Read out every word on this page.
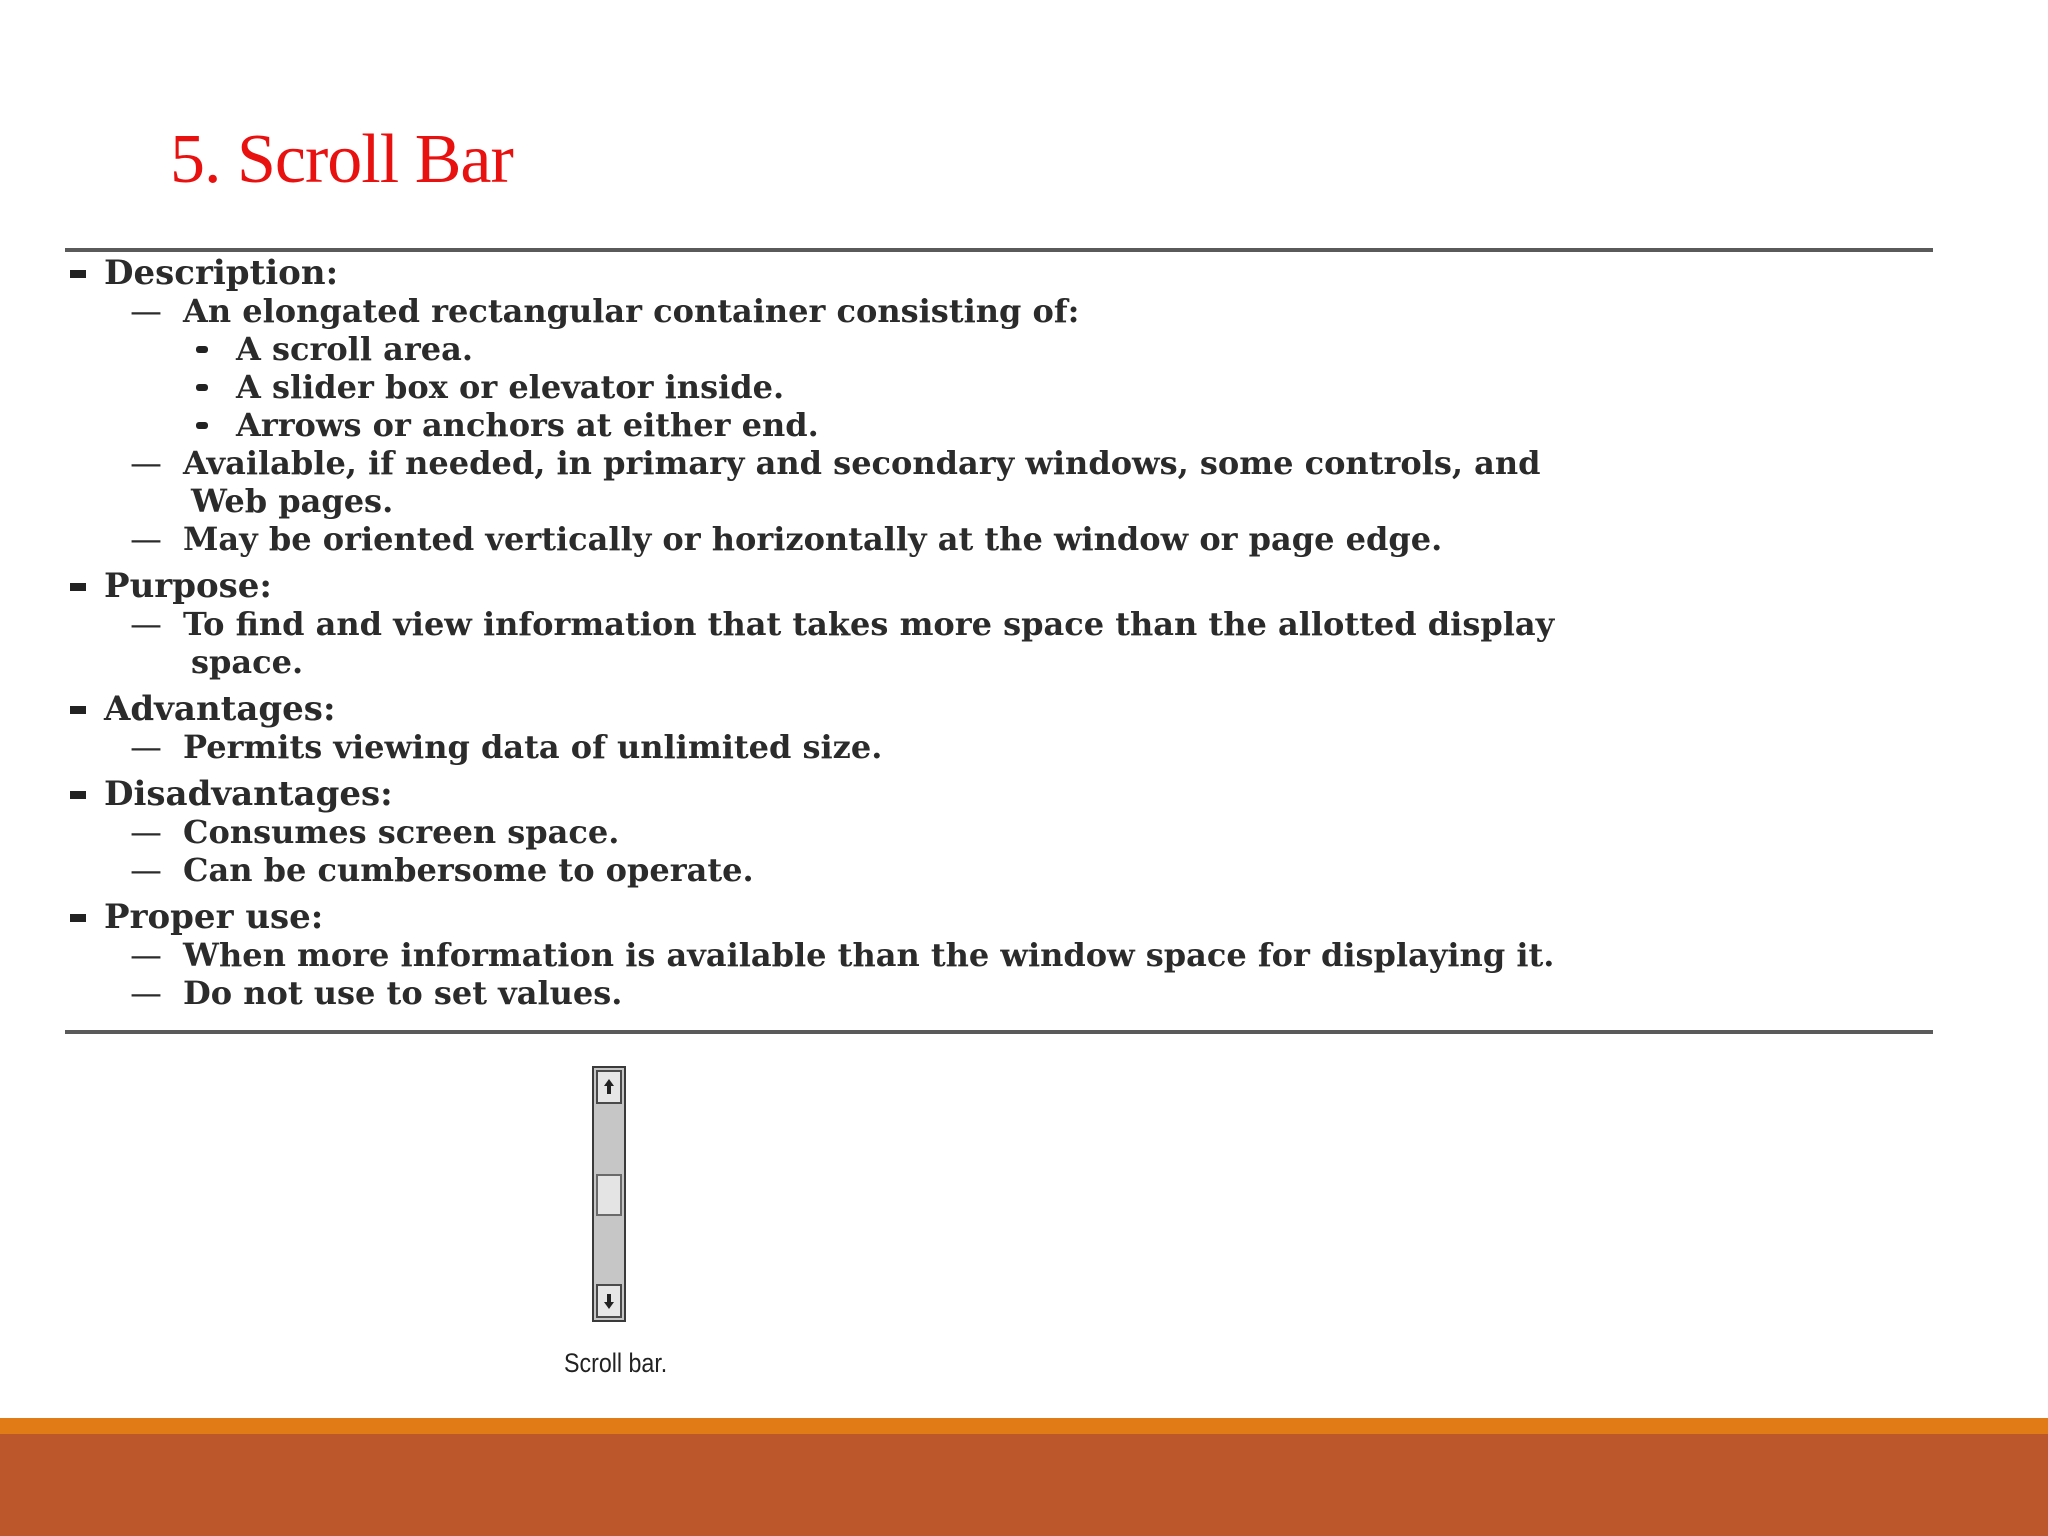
5. Scroll Bar
Description:
— An elongated rectangular container consisting of:
A scroll area.
A slider box or elevator inside.
Arrows or anchors at either end.
— Available, if needed, in primary and secondary windows, some controls, and
Web pages.
— May be oriented vertically or horizontally at the window or page edge.
Purpose:
— To find and view information that takes more space than the allotted display
space.
Advantages:
— Permits viewing data of unlimited size.
Disadvantages:
— Consumes screen space.
— Can be cumbersome to operate.
Proper use:
— When more information is available than the window space for displaying it.
— Do not use to set values.
Scroll bar.
